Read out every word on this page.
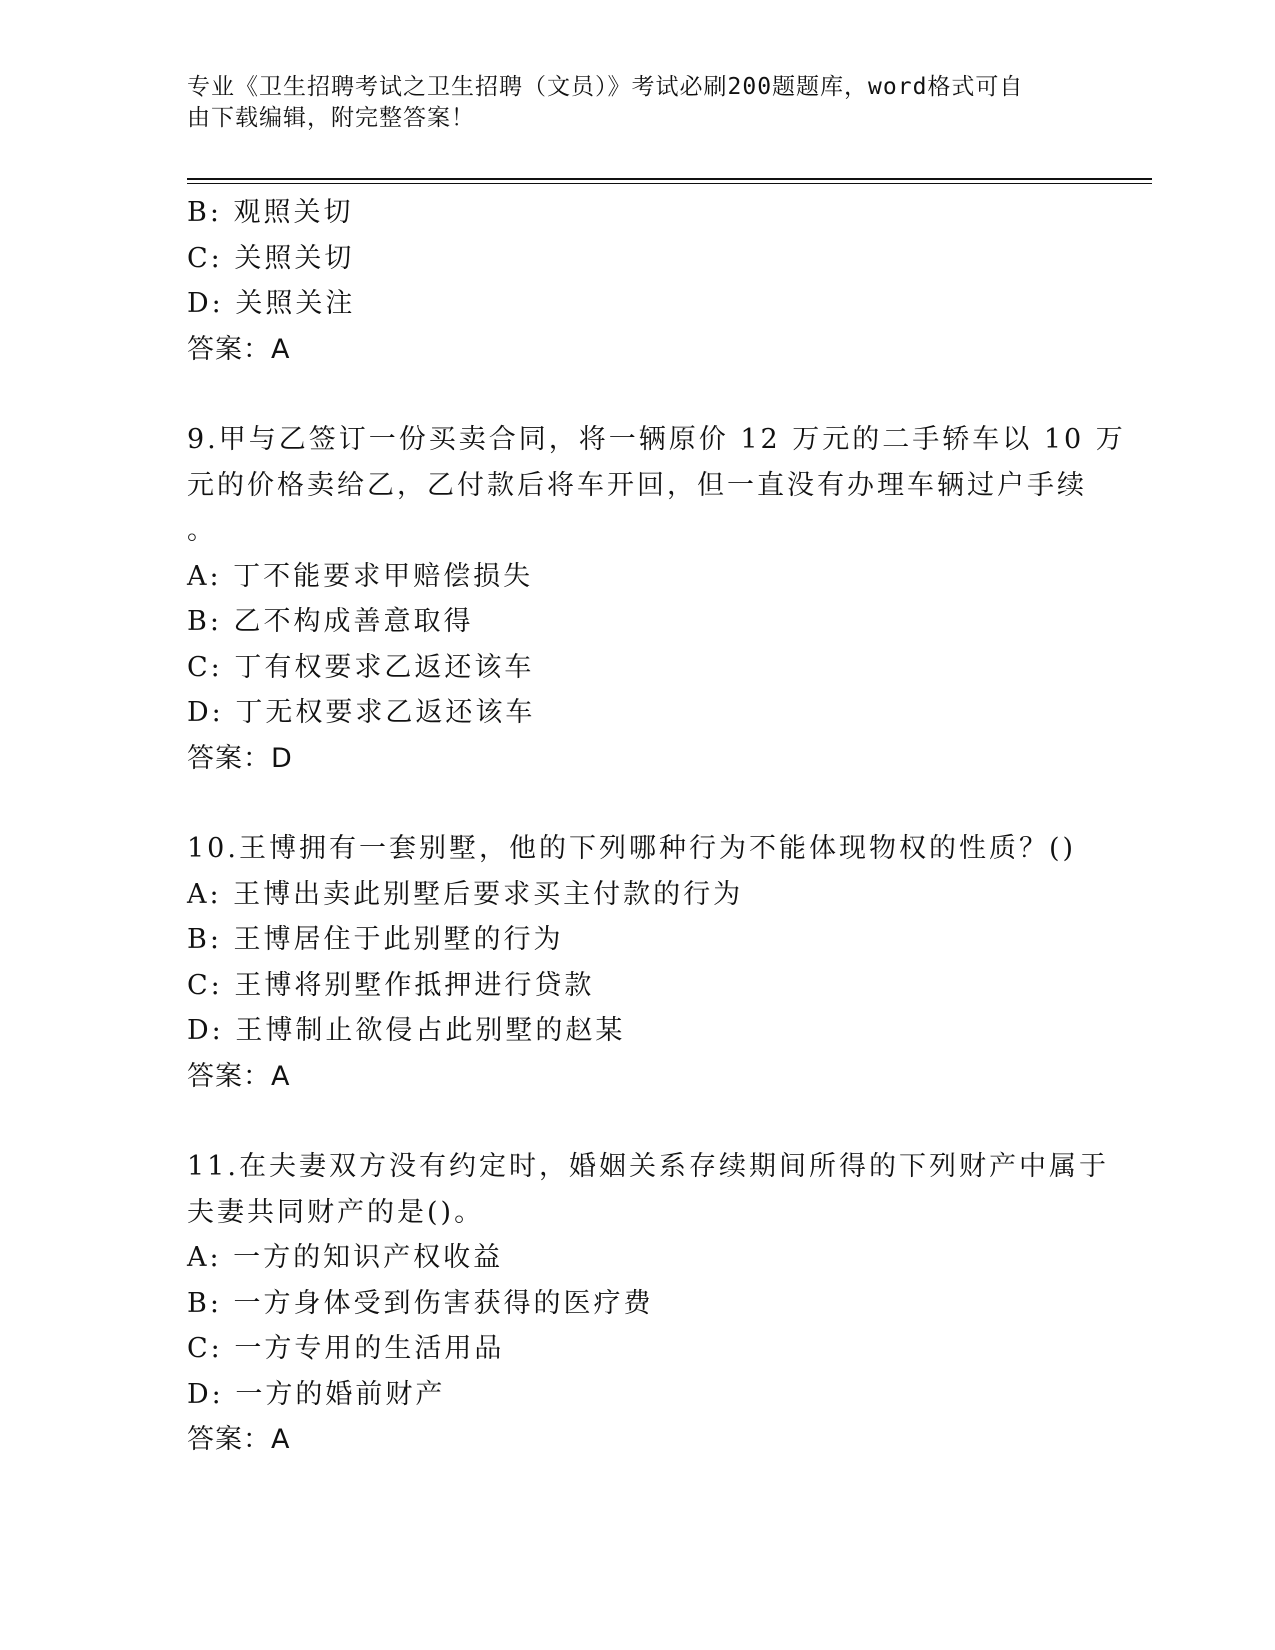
专业《卫生招聘考试之卫生招聘（文员）》考试必刷200题题库，word格式可自
由下载编辑，附完整答案！
B: 观照关切
C: 关照关切
D: 关照关注
答案：A
9.甲与乙签订一份买卖合同，将一辆原价 12 万元的二手轿车以 10 万
元的价格卖给乙，乙付款后将车开回，但一直没有办理车辆过户手续
。
A: 丁不能要求甲赔偿损失
B: 乙不构成善意取得
C: 丁有权要求乙返还该车
D: 丁无权要求乙返还该车
答案：D
10.王博拥有一套别墅，他的下列哪种行为不能体现物权的性质？()
A: 王博出卖此别墅后要求买主付款的行为
B: 王博居住于此别墅的行为
C: 王博将别墅作抵押进行贷款
D: 王博制止欲侵占此别墅的赵某
答案：A
11.在夫妻双方没有约定时，婚姻关系存续期间所得的下列财产中属于
夫妻共同财产的是()。
A: 一方的知识产权收益
B: 一方身体受到伤害获得的医疗费
C: 一方专用的生活用品
D: 一方的婚前财产
答案：A
